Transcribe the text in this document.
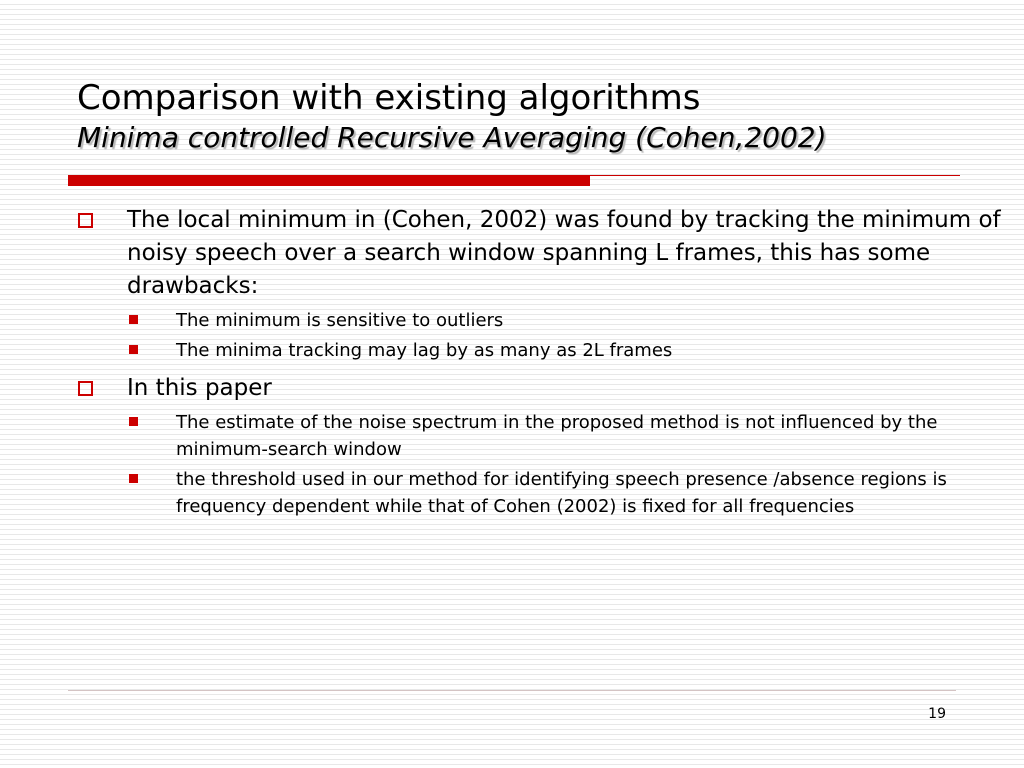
Comparison with existing algorithms
Minima controlled Recursive Averaging (Cohen,2002)
The local minimum in (Cohen, 2002) was found by tracking the minimum of noisy speech over a search window spanning L frames, this has some drawbacks:
The minimum is sensitive to outliers
The minima tracking may lag by as many as 2L frames
In this paper
The estimate of the noise spectrum in the proposed method is not influenced by the minimum-search window
the threshold used in our method for identifying speech presence /absence regions is frequency dependent while that of Cohen (2002) is fixed for all frequencies
19
